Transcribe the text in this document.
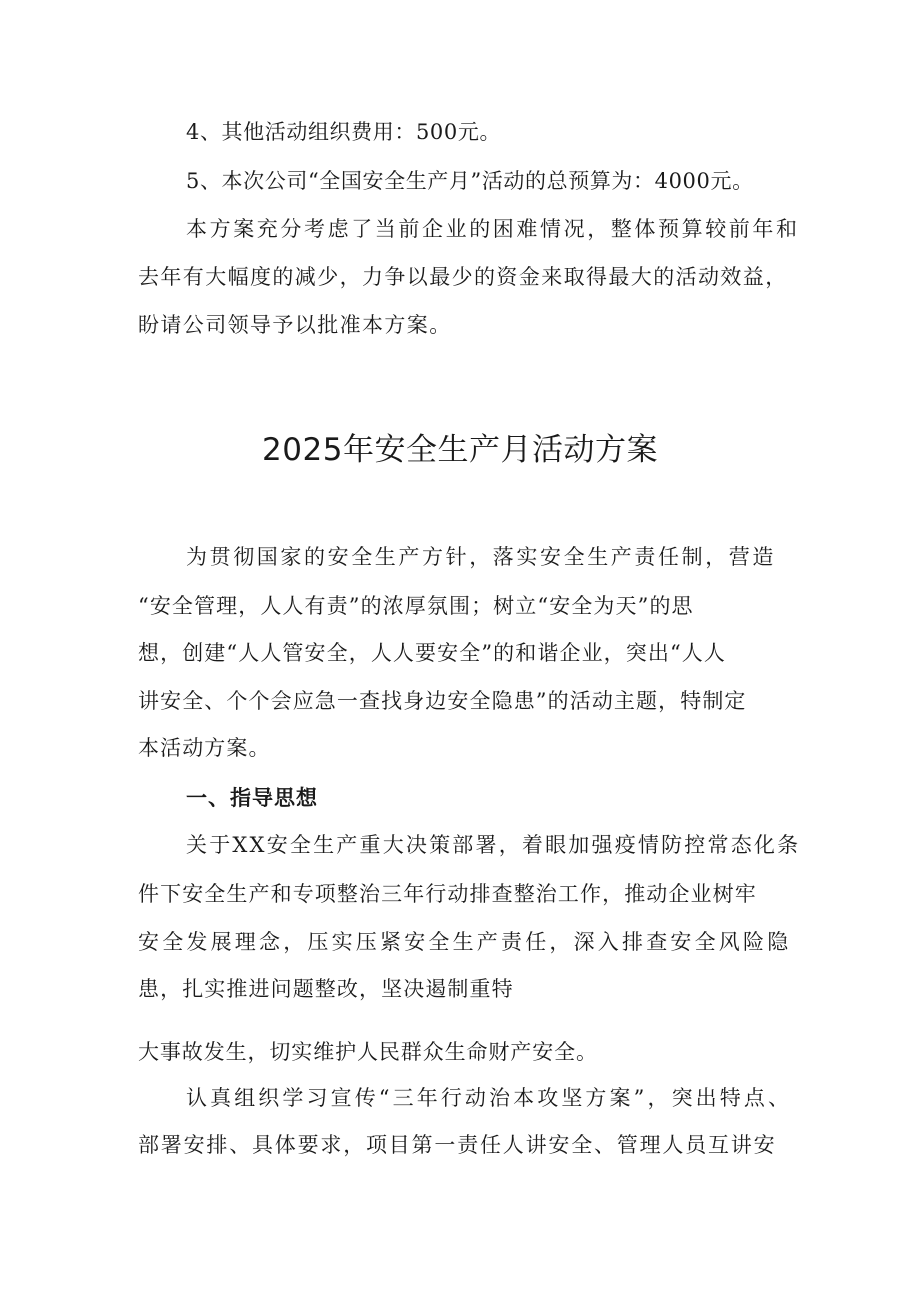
4、其他活动组织费用：500元。
5、本次公司“全国安全生产月”活动的总预算为：4000元。
本方案充分考虑了当前企业的困难情况，整体预算较前年和
去年有大幅度的减少，力争以最少的资金来取得最大的活动效益，
盼请公司领导予以批准本方案。
2025年安全生产月活动方案
为贯彻国家的安全生产方针，落实安全生产责任制，营造
“安全管理，人人有责”的浓厚氛围；树立“安全为天”的思
想，创建“人人管安全，人人要安全”的和谐企业，突出“人人
讲安全、个个会应急一查找身边安全隐患”的活动主题，特制定
本活动方案。
一、指导思想
关于XX安全生产重大决策部署，着眼加强疫情防控常态化条
件下安全生产和专项整治三年行动排查整治工作，推动企业树牢
安全发展理念，压实压紧安全生产责任，深入排查安全风险隐
患，扎实推进问题整改，坚决遏制重特
大事故发生，切实维护人民群众生命财产安全。
认真组织学习宣传“三年行动治本攻坚方案”，突出特点、
部署安排、具体要求，项目第一责任人讲安全、管理人员互讲安
